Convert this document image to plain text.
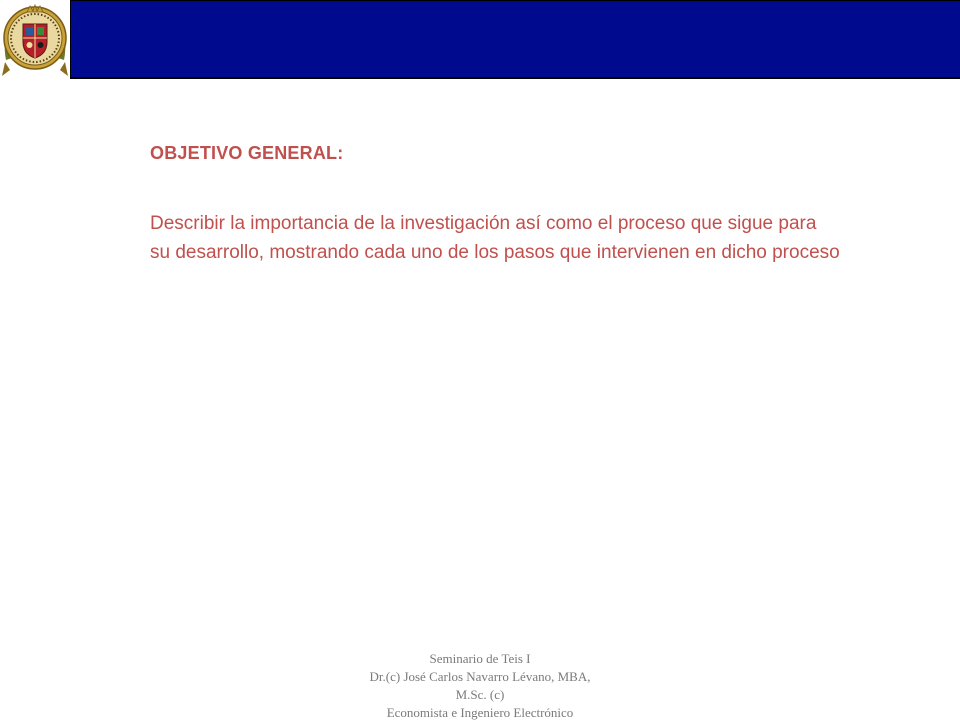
OBJETIVO GENERAL:
Describir la importancia de la investigación así como el proceso que sigue para su desarrollo, mostrando cada uno de los pasos que intervienen en dicho proceso
Seminario de Teis I
Dr.(c) José Carlos Navarro Lévano, MBA,
M.Sc. (c)
Economista e Ingeniero Electrónico
